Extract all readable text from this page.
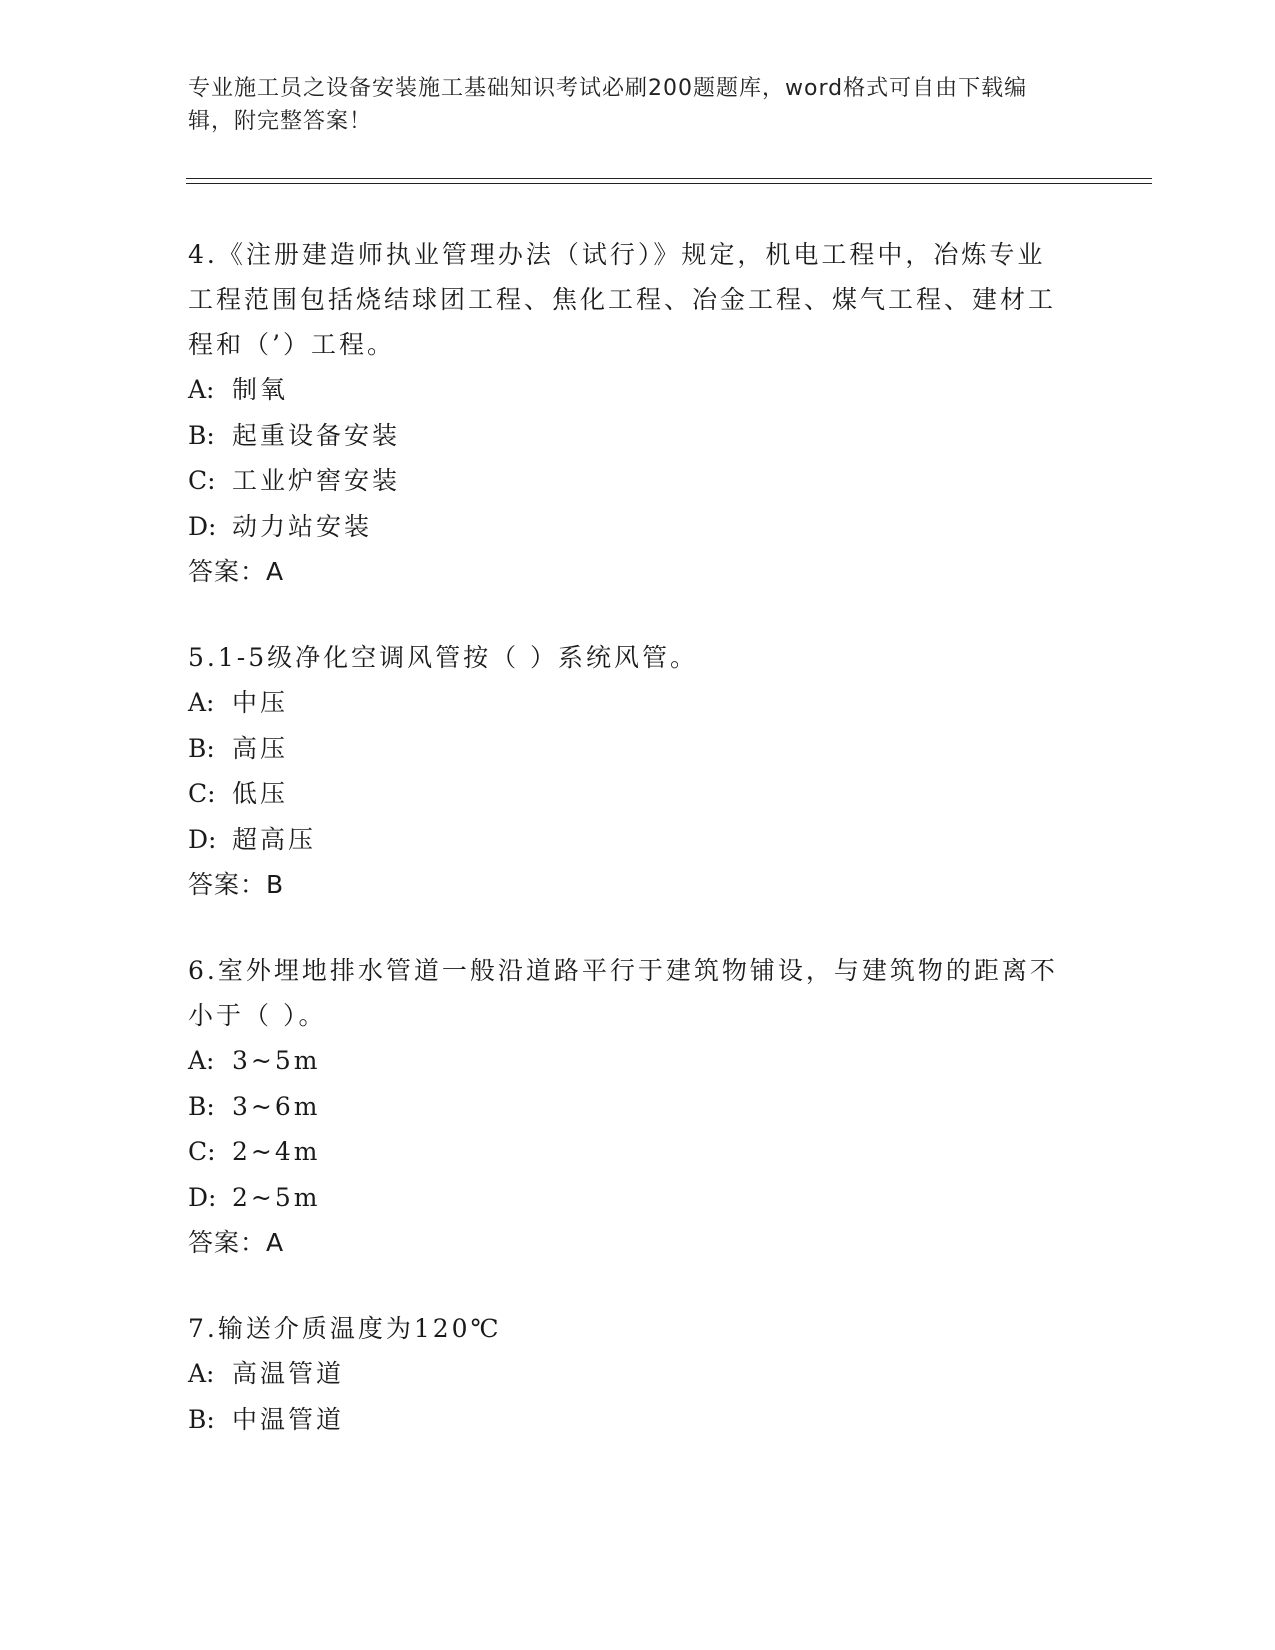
专业施工员之设备安装施工基础知识考试必刷200题题库，word格式可自由下载编辑，附完整答案！

4.《注册建造师执业管理办法（试行）》规定，机电工程中，冶炼专业工程范围包括烧结球团工程、焦化工程、冶金工程、煤气工程、建材工程和（’）工程。

A: 制氧

B: 起重设备安装

C: 工业炉窖安装

D: 动力站安装

答案：A

5.1-5级净化空调风管按（ ）系统风管。

A: 中压

B: 高压

C: 低压

D: 超高压

答案：B

6.室外埋地排水管道一般沿道路平行于建筑物铺设，与建筑物的距离不小于（ ）。

A: 3~5m

B: 3~6m

C: 2~4m

D: 2~5m

答案：A

7.输送介质温度为120℃

A: 高温管道

B: 中温管道
